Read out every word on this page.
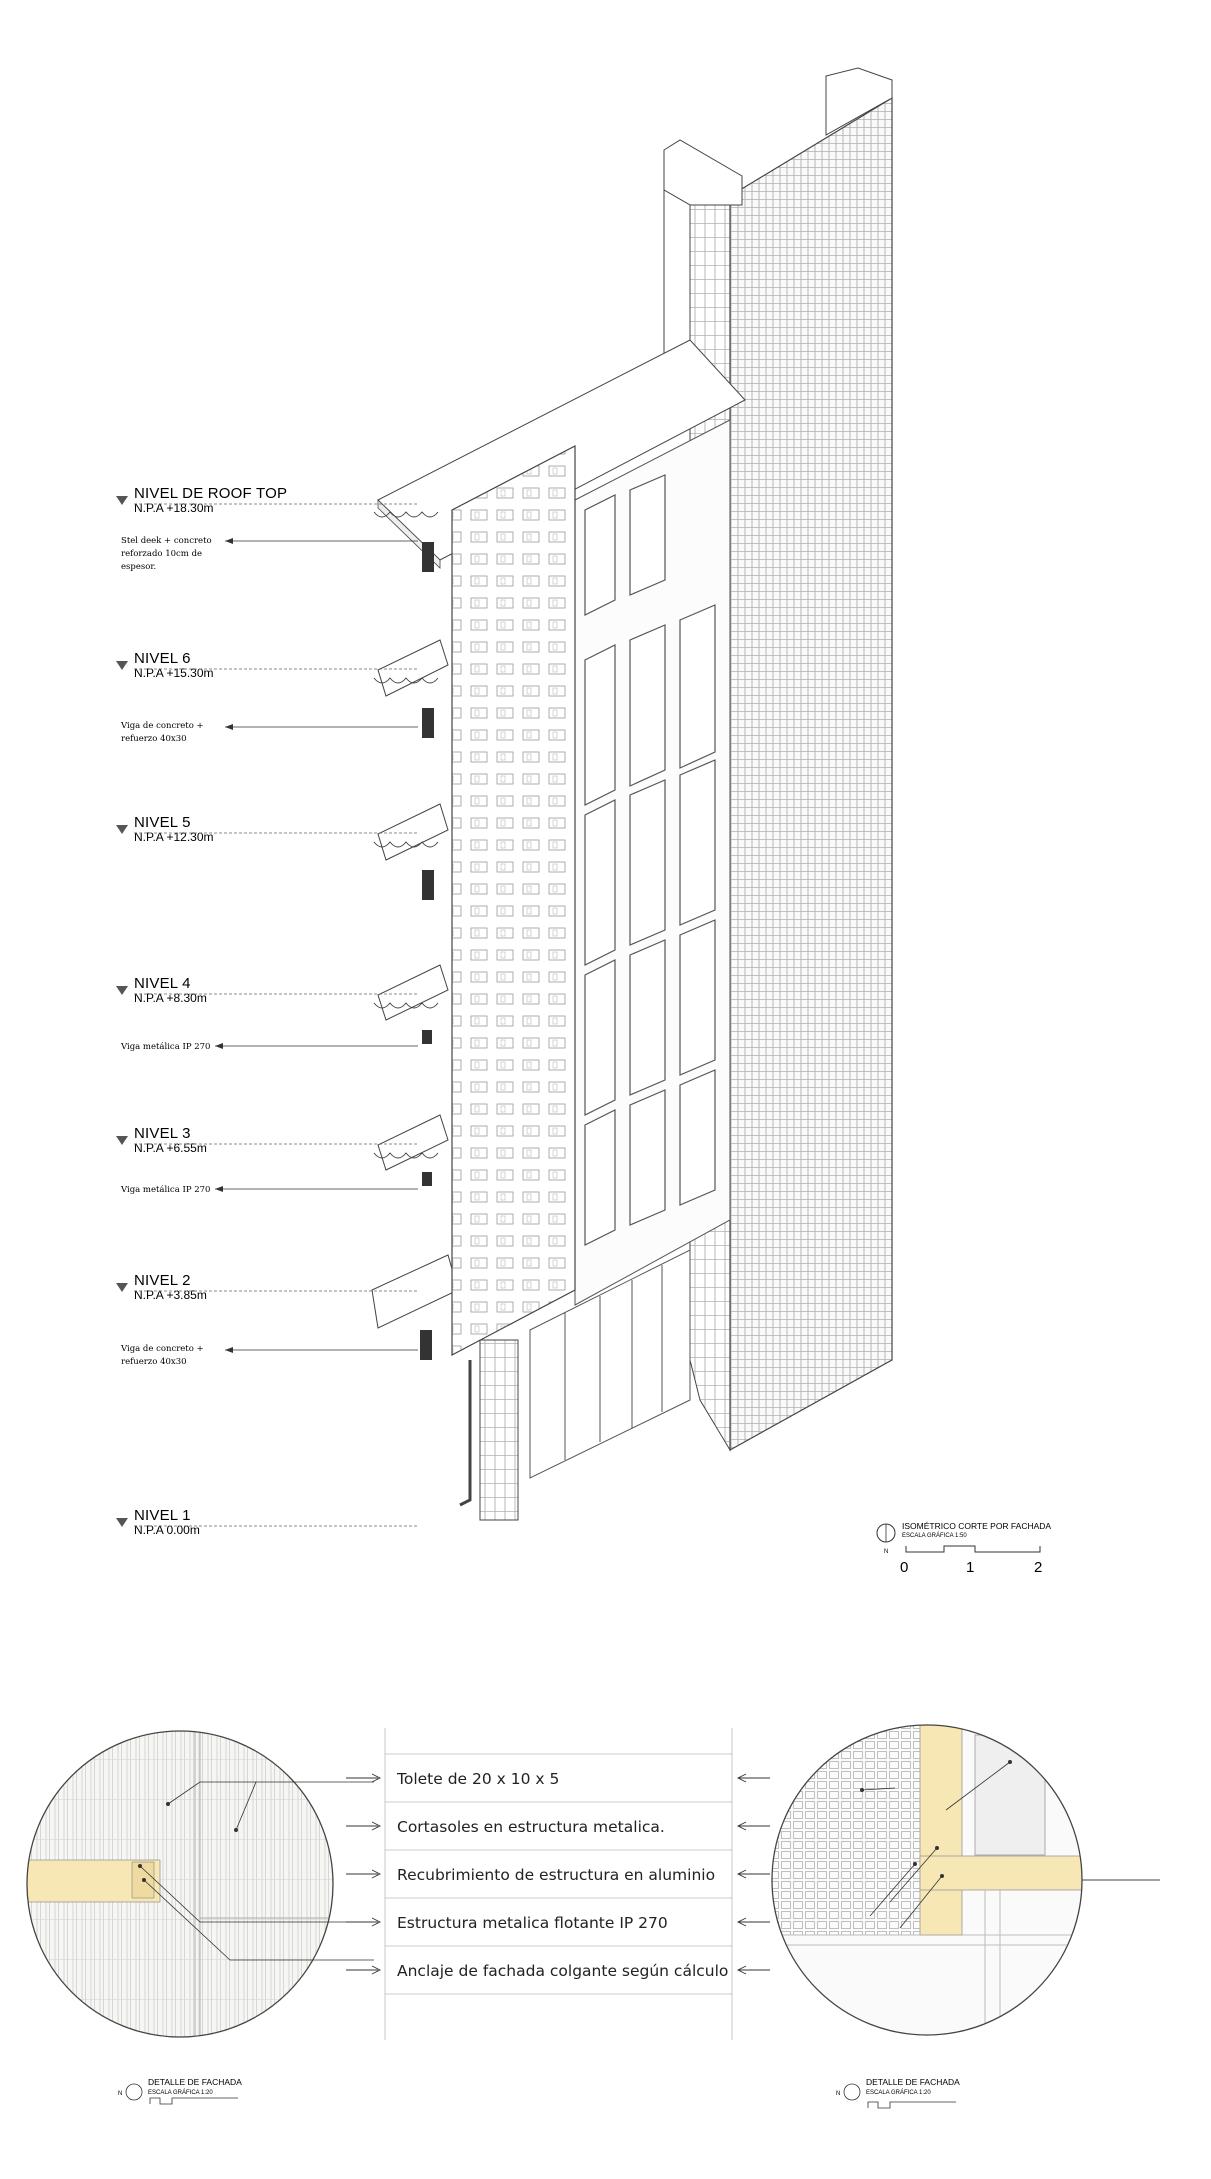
NIVEL DE ROOF TOP
N.P.A +18.30m
NIVEL 6
N.P.A +15.30m
NIVEL 5
N.P.A +12.30m
NIVEL 4
N.P.A +8.30m
NIVEL 3
N.P.A +6.55m
NIVEL 2
N.P.A +3.85m
NIVEL 1
N.P.A 0.00m
Stel deek + concreto
reforzado 10cm de
espesor.
Viga de concreto +
refuerzo 40x30
Viga metálica IP 270
Viga metálica IP 270
Viga de concreto +
refuerzo 40x30
N
ISOMÉTRICO CORTE POR FACHADA
ESCALA GRÁFICA 1:50
0	1	2
N
DETALLE DE FACHADA
ESCALA GRÁFICA 1:20	N
DETALLE DE FACHADA
ESCALA GRÁFICA 1:20
Tolete de 20 x 10 x 5
Cortasoles en estructura metalica.
Recubrimiento de estructura en aluminio
Estructura metalica flotante IP 270
Anclaje de fachada colgante según cálculo
